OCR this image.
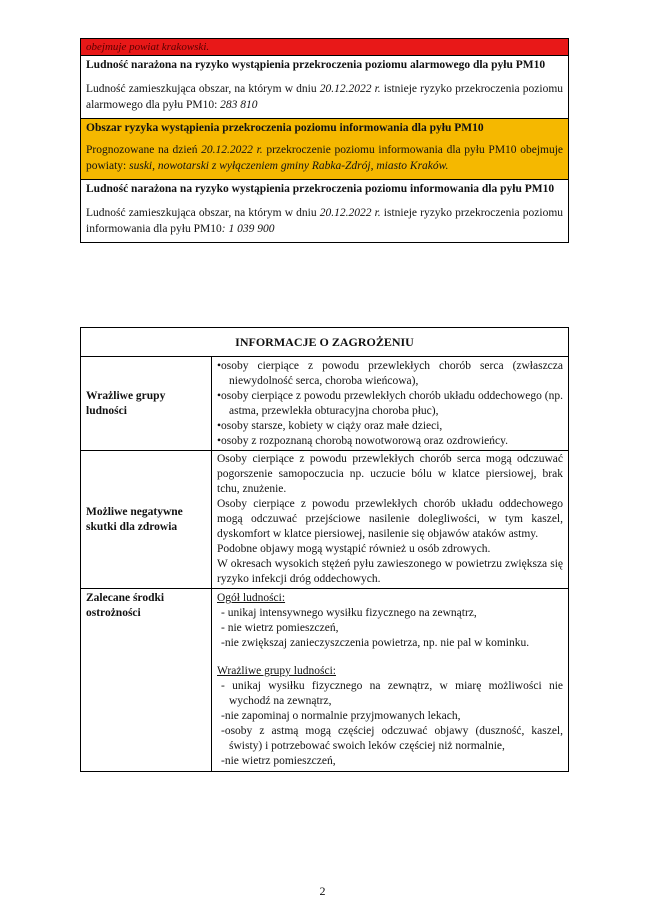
obejmuje powiat krakowski.
Ludność narażona na ryzyko wystąpienia przekroczenia poziomu alarmowego dla pyłu PM10
Ludność zamieszkująca obszar, na którym w dniu 20.12.2022 r. istnieje ryzyko przekroczenia poziomu alarmowego dla pyłu PM10: 283 810
Obszar ryzyka wystąpienia przekroczenia poziomu informowania dla pyłu PM10
Prognozowane na dzień 20.12.2022 r. przekroczenie poziomu informowania dla pyłu PM10 obejmuje powiaty: suski, nowotarski z wyłączeniem gminy Rabka-Zdrój, miasto Kraków.
Ludność narażona na ryzyko wystąpienia przekroczenia poziomu informowania dla pyłu PM10
Ludność zamieszkująca obszar, na którym w dniu 20.12.2022 r. istnieje ryzyko przekroczenia poziomu informowania dla pyłu PM10: 1 039 900
INFORMACJE O ZAGROŻENIU
Wrażliwe grupy ludności
•osoby cierpiące z powodu przewlekłych chorób serca (zwłaszcza niewydolność serca, choroba wieńcowa),
•osoby cierpiące z powodu przewlekłych chorób układu oddechowego (np. astma, przewlekła obturacyjna choroba płuc),
•osoby starsze, kobiety w ciąży oraz małe dzieci,
•osoby z rozpoznaną chorobą nowotworową oraz ozdrowieńcy.
Możliwe negatywne skutki dla zdrowia
Osoby cierpiące z powodu przewlekłych chorób serca mogą odczuwać pogorszenie samopoczucia np. uczucie bólu w klatce piersiowej, brak tchu, znużenie.
Osoby cierpiące z powodu przewlekłych chorób układu oddechowego mogą odczuwać przejściowe nasilenie dolegliwości, w tym kaszel, dyskomfort w klatce piersiowej, nasilenie się objawów ataków astmy.
Podobne objawy mogą wystąpić również u osób zdrowych.
W okresach wysokich stężeń pyłu zawieszonego w powietrzu zwiększa się ryzyko infekcji dróg oddechowych.
Zalecane środki ostrożności
Ogół ludności:
- unikaj intensywnego wysiłku fizycznego na zewnątrz,
- nie wietrz pomieszczeń,
-nie zwiększaj zanieczyszczenia powietrza, np. nie pal w kominku.
Wrażliwe grupy ludności:
- unikaj wysiłku fizycznego na zewnątrz, w miarę możliwości nie wychodź na zewnątrz,
-nie zapominaj o normalnie przyjmowanych lekach,
-osoby z astmą mogą częściej odczuwać objawy (duszność, kaszel, świsty) i potrzebować swoich leków częściej niż normalnie,
-nie wietrz pomieszczeń,
2
